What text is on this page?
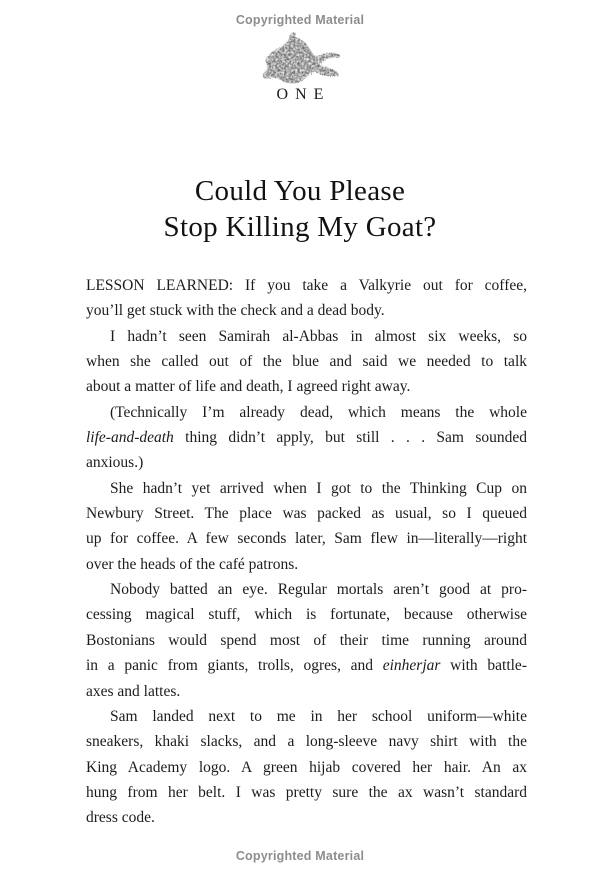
Copyrighted Material
ONE
Could You Please
Stop Killing My Goat?
LESSON LEARNED: If you take a Valkyrie out for coffee,
you’ll get stuck with the check and a dead body.
I hadn’t seen Samirah al-Abbas in almost six weeks, so
when she called out of the blue and said we needed to talk
about a matter of life and death, I agreed right away.
(Technically I’m already dead, which means the whole
life-and-death thing didn’t apply, but still . . . Sam sounded
anxious.)
She hadn’t yet arrived when I got to the Thinking Cup on
Newbury Street. The place was packed as usual, so I queued
up for coffee. A few seconds later, Sam flew in—literally—right
over the heads of the café patrons.
Nobody batted an eye. Regular mortals aren’t good at pro-
cessing magical stuff, which is fortunate, because otherwise
Bostonians would spend most of their time running around
in a panic from giants, trolls, ogres, and einherjar with battle-
axes and lattes.
Sam landed next to me in her school uniform—white
sneakers, khaki slacks, and a long-sleeve navy shirt with the
King Academy logo. A green hijab covered her hair. An ax
hung from her belt. I was pretty sure the ax wasn’t standard
dress code.
Copyrighted Material
